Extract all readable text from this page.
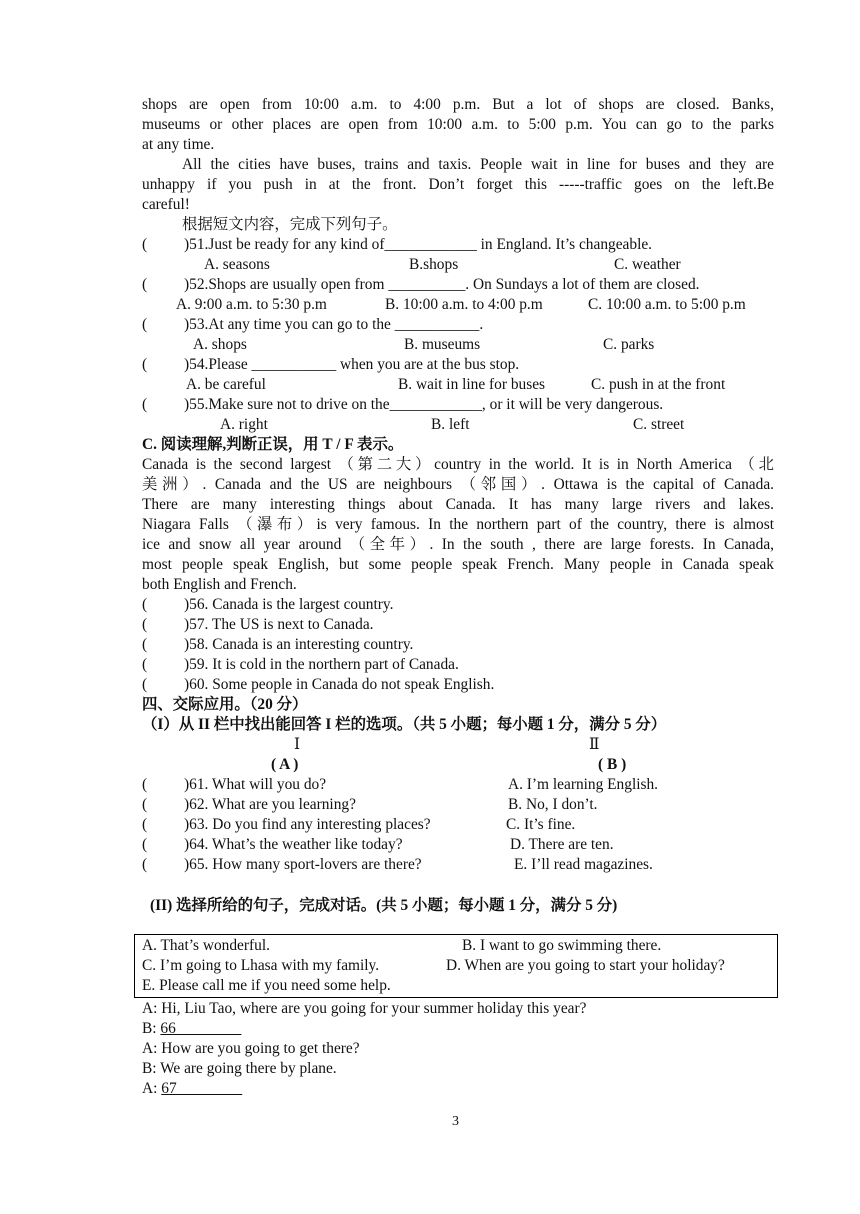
shops are open from 10:00 a.m. to 4:00 p.m. But a lot of shops are closed. Banks,
museums or other places are open from 10:00 a.m. to 5:00 p.m. You can go to the parks
at any time.
All the cities have buses, trains and taxis. People wait in line for buses and they are
unhappy if you push in at the front. Don’t forget this -----traffic goes on the left.Be
careful!
根据短文内容，完成下列句子。
( )51.Just be ready for any kind of____________ in England. It’s changeable.
A. seasons	B.shops	C. weather
( )52.Shops are usually open from __________. On Sundays a lot of them are closed.
A. 9:00 a.m. to 5:30 p.m	B. 10:00 a.m. to 4:00 p.m	C. 10:00 a.m. to 5:00 p.m
( )53.At any time you can go to the ___________.
A. shops	B. museums	C. parks
( )54.Please ___________ when you are at the bus stop.
A. be careful	B. wait in line for buses	C. push in at the front
( )55.Make sure not to drive on the____________, or it will be very dangerous.
A. right	B. left	C. street
C. 阅读理解,判断正误，用 T / F 表示。
Canada is the second largest （第二大）country in the world. It is in North America （北
美洲）. Canada and the US are neighbours （邻国）. Ottawa is the capital of Canada.
There are many interesting things about Canada. It has many large rivers and lakes.
Niagara Falls （瀑布）is very famous. In the northern part of the country, there is almost
ice and snow all year around （全年）. In the south , there are large forests. In Canada,
most people speak English, but some people speak French. Many people in Canada speak
both English and French.
( )56. Canada is the largest country.
( )57. The US is next to Canada.
( )58. Canada is an interesting country.
( )59. It is cold in the northern part of Canada.
( )60. Some people in Canada do not speak English.
四、交际应用。（20 分）
（I）从 II 栏中找出能回答 I 栏的选项。（共 5 小题；每小题 1 分，满分 5 分）
Ⅰ	Ⅱ
( A )	( B )
( )61. What will you do?	A. I’m learning English.
( )62. What are you learning?	B. No, I don’t.
( )63. Do you find any interesting places?	C. It’s fine.
( )64. What’s the weather like today?	D. There are ten.
( )65. How many sport-lovers are there?	E. I’ll read magazines.
(II) 选择所给的句子，完成对话。(共 5 小题；每小题 1 分，满分 5 分)
A. That’s wonderful.	B. I want to go swimming there.
C. I’m going to Lhasa with my family.	D. When are you going to start your holiday?
E. Please call me if you need some help.
A: Hi, Liu Tao, where are you going for your summer holiday this year?
B: 66_______ _
A: How are you going to get there?
B: We are going there by plane.
A: 67_______ _
3
